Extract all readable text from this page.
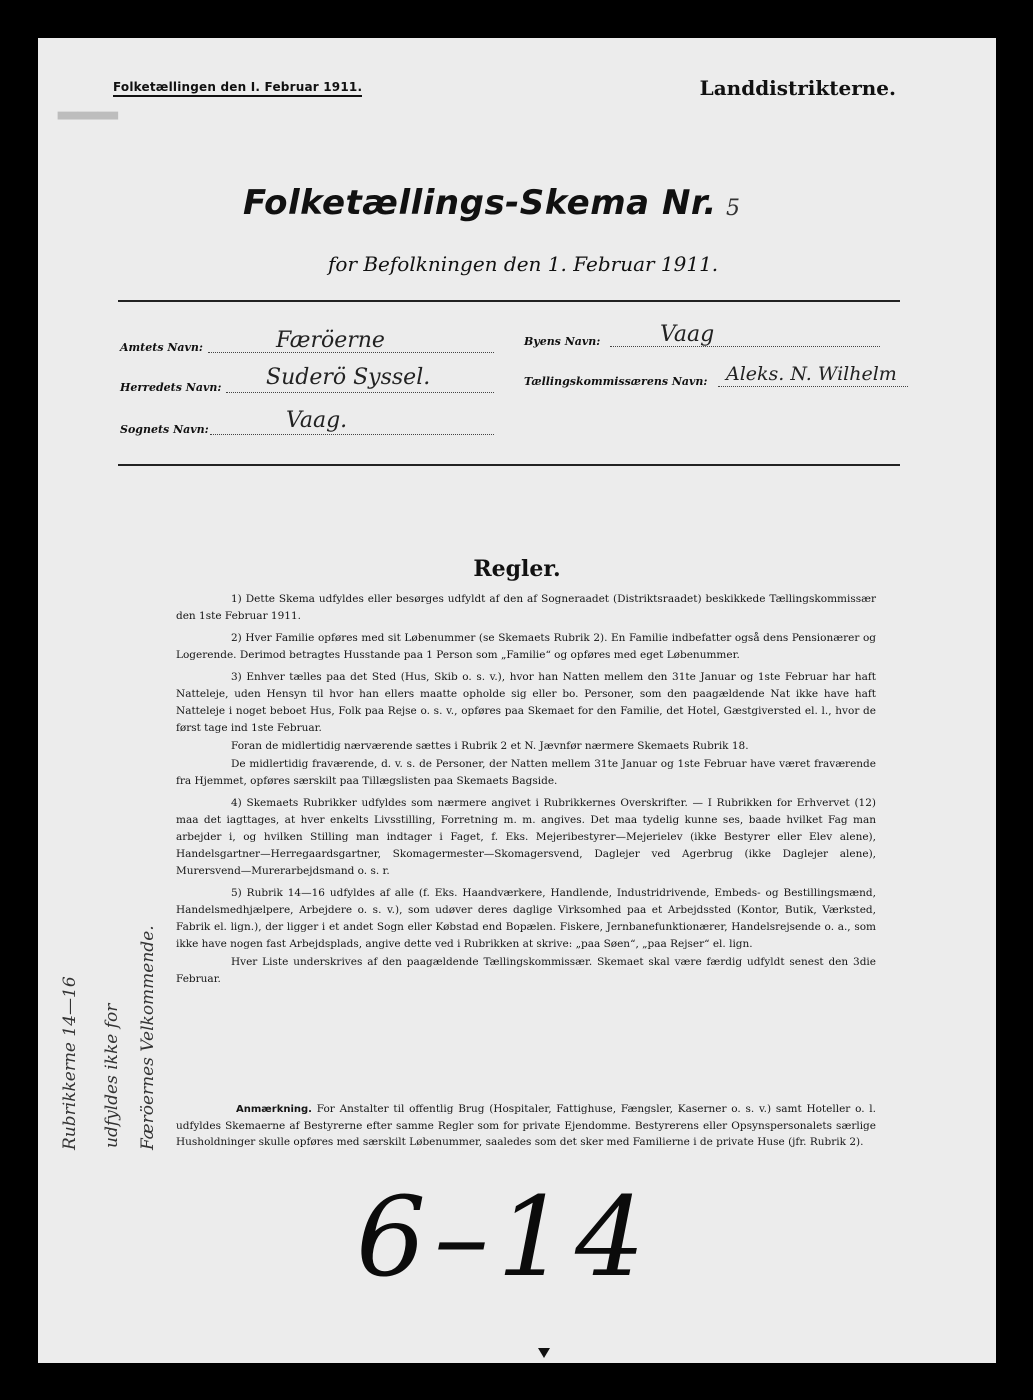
▂▂▂
Folketællingen den I. Februar 1911.	Landdistrikterne.
Folketællings-Skema Nr. 5
for Befolkningen den 1. Februar 1911.
Amtets Navn:	Færöerne	Byens Navn:	Vaag
Herredets Navn: Suderö Syssel.	Tællingskommissærens Navn: Aleks. N. Wilhelm
Sognets Navn:	Vaag.
Regler.

1) Dette Skema udfyldes eller besørges udfyldt af den af Sogneraadet (Distriktsraadet) beskikkede Tællingskommissær den 1ste Februar 1911.

2) Hver Familie opføres med sit Løbenummer (se Skemaets Rubrik 2). En Familie indbefatter også dens Pensionærer og Logerende. Derimod betragtes Husstande paa 1 Person som „Familie“ og opføres med eget Løbenummer.

3) Enhver tælles paa det Sted (Hus, Skib o. s. v.), hvor han Natten mellem den 31te Januar og 1ste Februar har haft Natteleje, uden Hensyn til hvor han ellers maatte opholde sig eller bo. Personer, som den paagældende Nat ikke have haft Natteleje i noget beboet Hus, Folk paa Rejse o. s. v., opføres paa Skemaet for den Familie, det Hotel, Gæstgiversted el. l., hvor de først tage ind 1ste Februar.

Foran de midlertidig nærværende sættes i Rubrik 2 et N. Jævnfør nærmere Skemaets Rubrik 18.

De midlertidig fraværende, d. v. s. de Personer, der Natten mellem 31te Januar og 1ste Februar have været fraværende fra Hjemmet, opføres særskilt paa Tillægslisten paa Skemaets Bagside.

4) Skemaets Rubrikker udfyldes som nærmere angivet i Rubrikkernes Overskrifter. — I Rubrikken for Erhvervet (12) maa det iagttages, at hver enkelts Livsstilling, Forretning m. m. angives. Det maa tydelig kunne ses, baade hvilket Fag man arbejder i, og hvilken Stilling man indtager i Faget, f. Eks. Mejeribestyrer—Mejerielev (ikke Bestyrer eller Elev alene), Handelsgartner—Herregaardsgartner, Skomagermester—Skomagersvend, Daglejer ved Agerbrug (ikke Daglejer alene), Murersvend—Murerarbejdsmand o. s. r.

5) Rubrik 14—16 udfyldes af alle (f. Eks. Haandværkere, Handlende, Industridrivende, Embeds- og Bestillingsmænd, Handelsmedhjælpere, Arbejdere o. s. v.), som udøver deres daglige Virksomhed paa et Arbejdssted (Kontor, Butik, Værksted, Fabrik el. lign.), der ligger i et andet Sogn eller Købstad end Bopælen. Fiskere, Jernbanefunktionærer, Handelsrejsende o. a., som ikke have nogen fast Arbejdsplads, angive dette ved i Rubrikken at skrive: „paa Søen“, „paa Rejser“ el. lign.

Hver Liste underskrives af den paagældende Tællingskommissær. Skemaet skal være færdig udfyldt senest den 3die Februar.

Anmærkning. For Anstalter til offentlig Brug (Hospitaler, Fattighuse, Fængsler, Kaserner o. s. v.) samt Hoteller o. l. udfyldes Skemaerne af Bestyrerne efter samme Regler som for private Ejendomme. Bestyrerens eller Opsynspersonalets særlige Husholdninger skulle opføres med særskilt Løbenummer, saaledes som det sker med Familierne i de private Huse (jfr. Rubrik 2).
Rubrikkerne 14—16 udfyldes ikke for Færöernes Velkommende.
6–14
